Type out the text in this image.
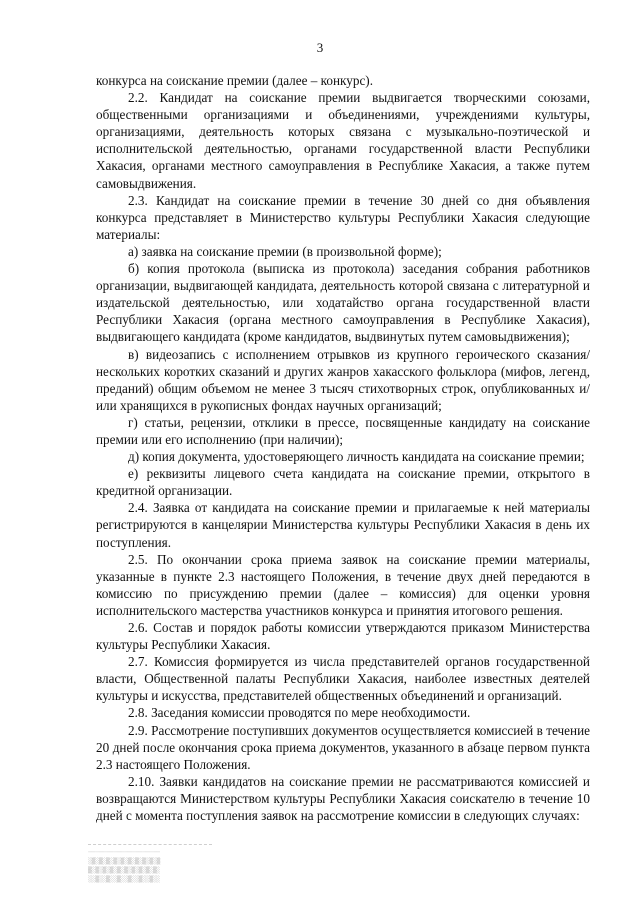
3

конкурса на соискание премии (далее – конкурс).

2.2. Кандидат на соискание премии выдвигается творческими союзами, общественными организациями и объединениями, учреждениями культуры, организациями, деятельность которых связана с музыкально-поэтической и исполнительской деятельностью, органами государственной власти Республики Хакасия, органами местного самоуправления в Республике Хакасия, а также путем самовыдвижения.

2.3. Кандидат на соискание премии в течение 30 дней со дня объявления конкурса представляет в Министерство культуры Республики Хакасия следующие материалы:

а) заявка на соискание премии (в произвольной форме);

б) копия протокола (выписка из протокола) заседания собрания работников организации, выдвигающей кандидата, деятельность которой связана с литературной и издательской деятельностью, или ходатайство органа государственной власти Республики Хакасия (органа местного самоуправления в Республике Хакасия), выдвигающего кандидата (кроме кандидатов, выдвинутых путем самовыдвижения);

в) видеозапись с исполнением отрывков из крупного героического сказания/ нескольких коротких сказаний и других жанров хакасского фольклора (мифов, легенд, преданий) общим объемом не менее 3 тысяч стихотворных строк, опубликованных и/или хранящихся в рукописных фондах научных организаций;

г) статьи, рецензии, отклики в прессе, посвященные кандидату на соискание премии или его исполнению (при наличии);

д) копия документа, удостоверяющего личность кандидата на соискание премии;

е) реквизиты лицевого счета кандидата на соискание премии, открытого в кредитной организации.

2.4. Заявка от кандидата на соискание премии и прилагаемые к ней материалы регистрируются в канцелярии Министерства культуры Республики Хакасия в день их поступления.

2.5. По окончании срока приема заявок на соискание премии материалы, указанные в пункте 2.3 настоящего Положения, в течение двух дней передаются в комиссию по присуждению премии (далее – комиссия) для оценки уровня исполнительского мастерства участников конкурса и принятия итогового решения.

2.6. Состав и порядок работы комиссии утверждаются приказом Министерства культуры Республики Хакасия.

2.7. Комиссия формируется из числа представителей органов государственной власти, Общественной палаты Республики Хакасия, наиболее известных деятелей культуры и искусства, представителей общественных объединений и организаций.

2.8. Заседания комиссии проводятся по мере необходимости.

2.9. Рассмотрение поступивших документов осуществляется комиссией в течение 20 дней после окончания срока приема документов, указанного в абзаце первом пункта 2.3 настоящего Положения.

2.10. Заявки кандидатов на соискание премии не рассматриваются комиссией и возвращаются Министерством культуры Республики Хакасия соискателю в течение 10 дней с момента поступления заявок на рассмотрение комиссии в следующих случаях:

┈┈┈┈┈┈┈┈┈┈┈┈┈┈┈┈┈┈┈┈
░▒░▒░▒░▒░▒░▒░▒░▒░▒░▒
▒░▒░▒░▒░▒░▒░▒░▒░▒░▒░
░░▒░░▒░░▒░░▒░░▒░░▒░░
